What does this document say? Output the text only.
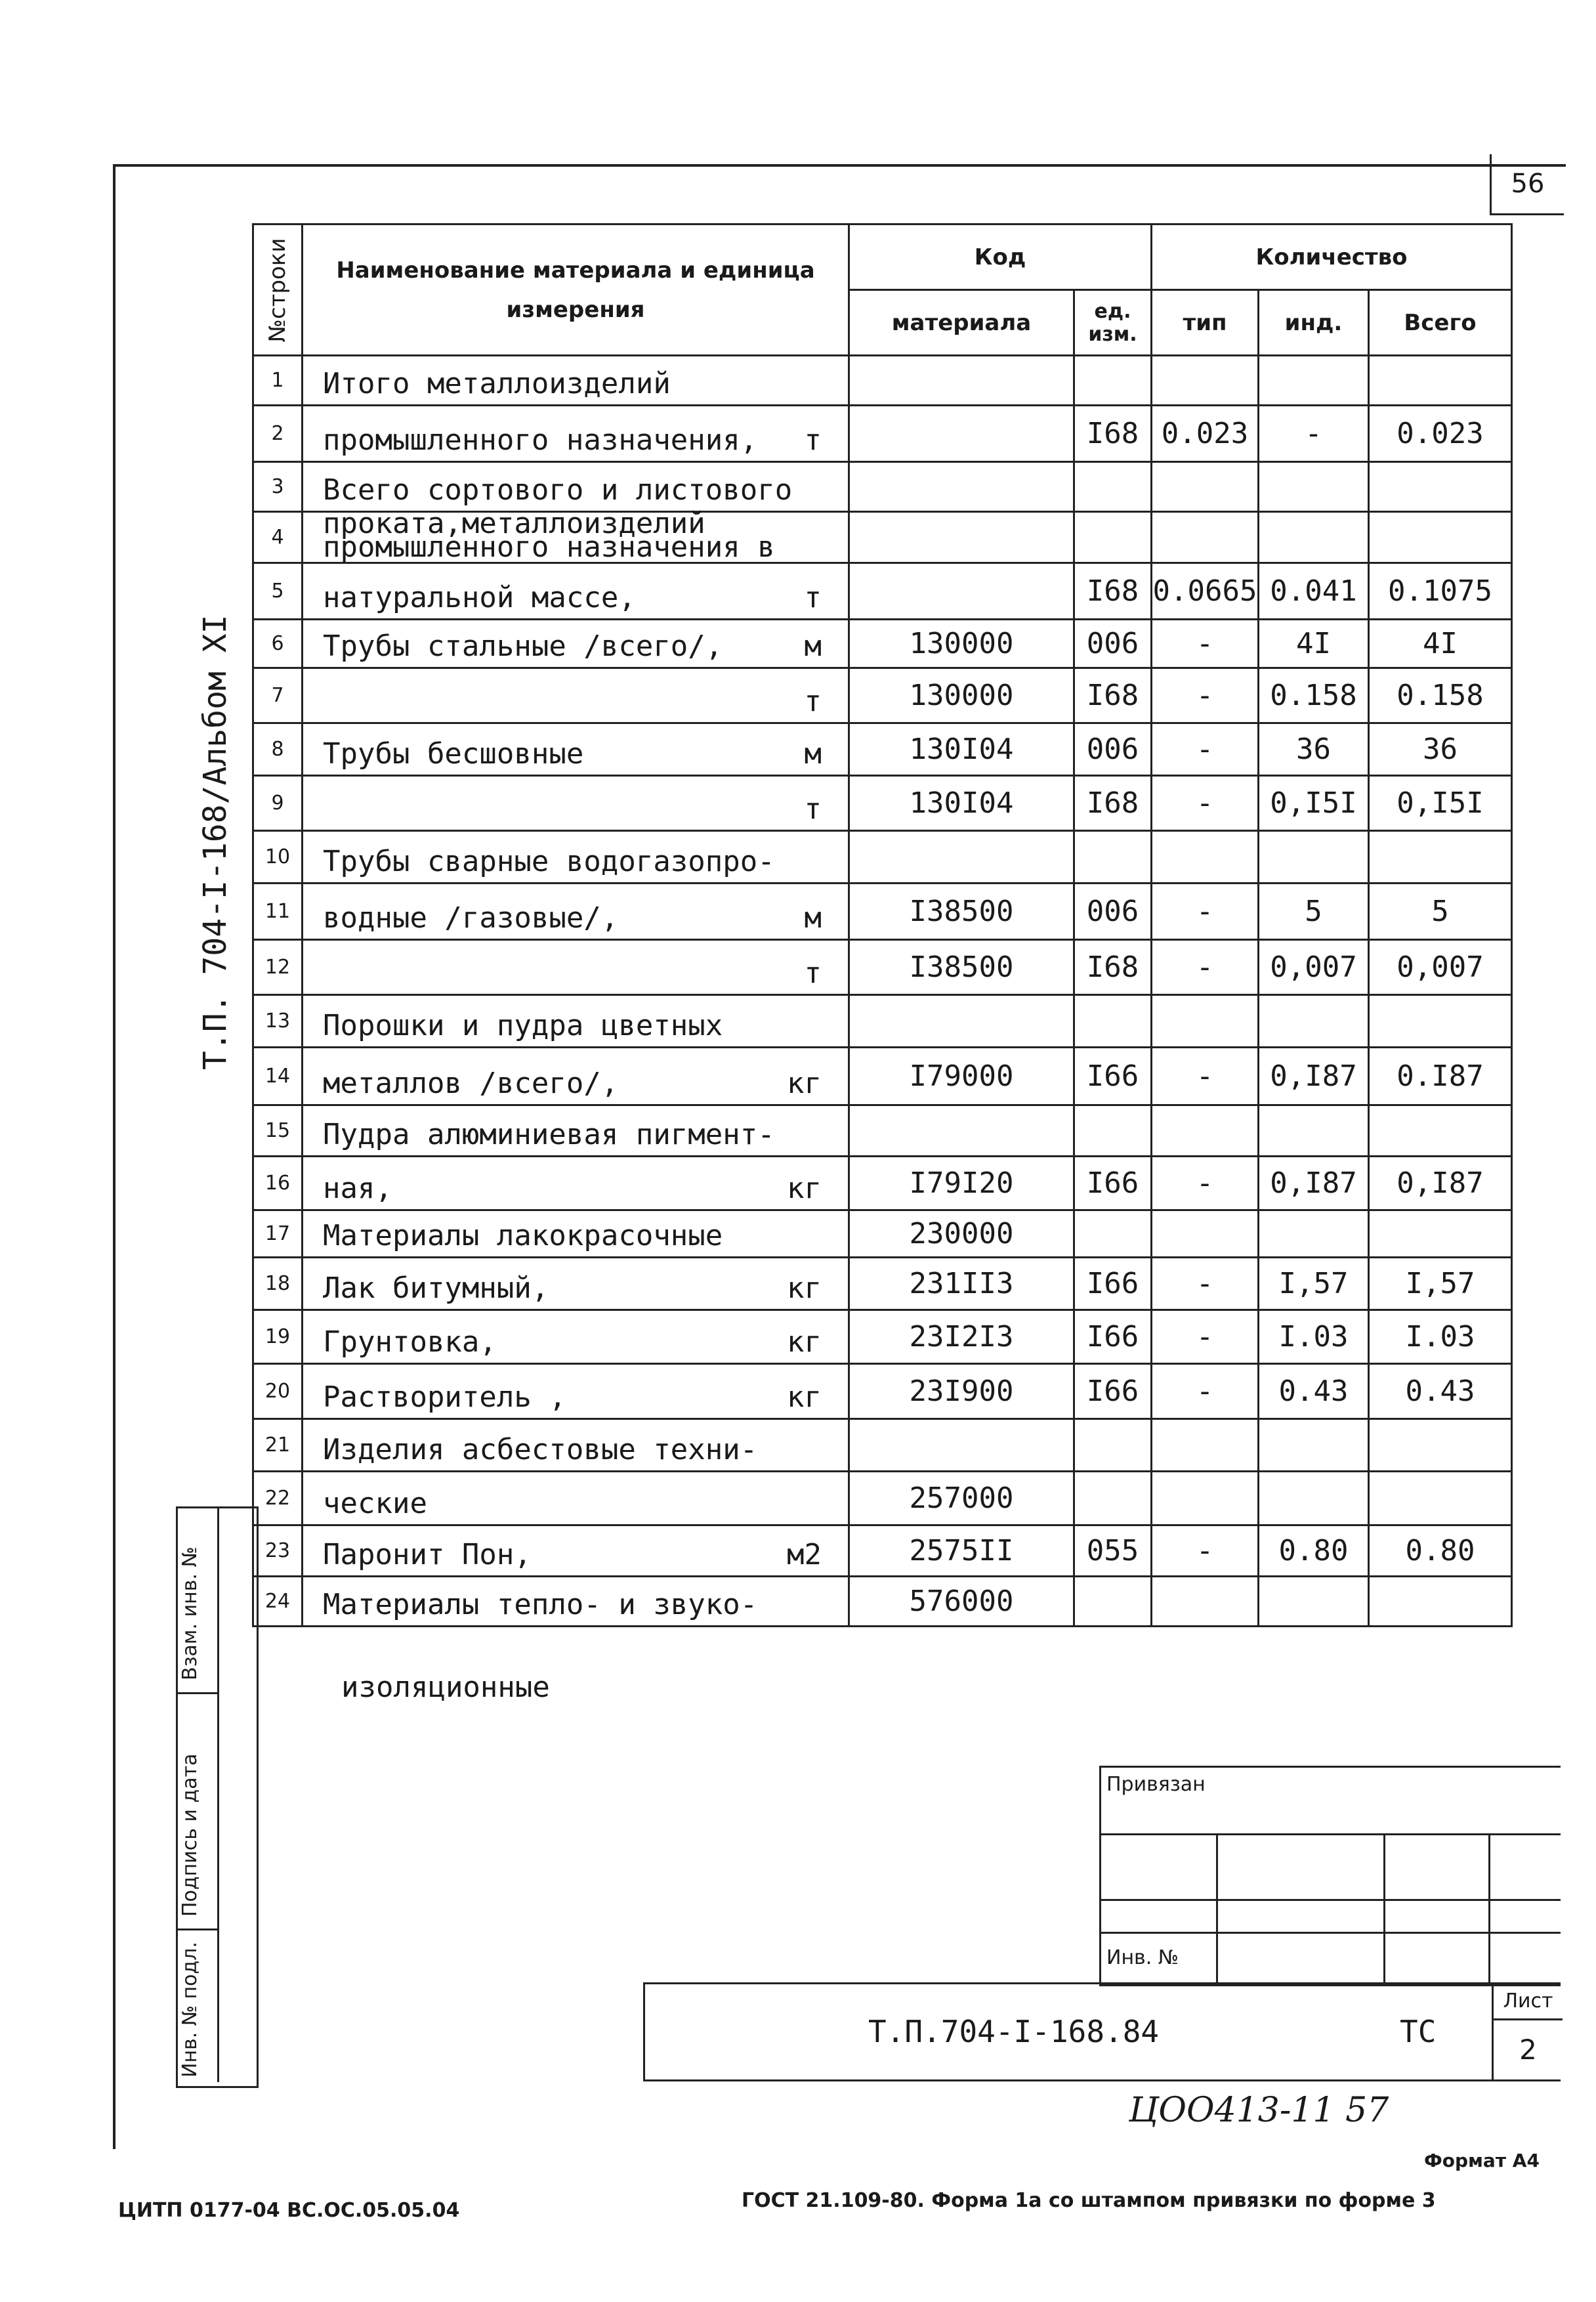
56
Т.П. 704-I-168/Альбом XI
№строки	Наименование материала и единица измерения	Код		Количество		
		материала	ед. изм.	тип	инд.	Всего
1	Итого металлоизделий					

2	промышленного назначения, т		I68	0.023	-	0.023
3	Всего сортового и листового					

4	проката,металлоизделий промышленного назначения в					

5	натуральной массе, т		I68	0.0665	0.041	0.1075
6	Трубы стальные /всего/, м	130000	006	-	4I	4I
7	т	130000	I68	-	0.158	0.158
8	Трубы бесшовные м	130I04	006	-	36	36
9	т	130I04	I68	-	0,I5I	0,I5I
10	Трубы сварные водогазопро-					

11	водные /газовые/, м	I38500	006	-	5	5
12	т	I38500	I68	-	0,007	0,007
13	Порошки и пудра цветных					

14	металлов /всего/, кг	I79000	I66	-	0,I87	0.I87
15	Пудра алюминиевая пигмент-					

16	ная, кг	I79I20	I66	-	0,I87	0,I87
17	Материалы лакокрасочные	230000				
18	Лак битумный, кг	231II3	I66	-	I,57	I,57
19	Грунтовка, кг	23I2I3	I66	-	I.03	I.03
20	Растворитель , кг	23I900	I66	-	0.43	0.43
21	Изделия асбестовые техни-					

22	ческие	257000				
23	Паронит Пон, м2	2575II	055	-	0.80	0.80
24	Материалы тепло- и звуко-	576000				
изоляционные
Взам. инв. №
Подпись и дата
Инв. № подл.
Привязан
Инв. №
Т.П.704-I-168.84	ТС
Лист
2
ЦОО413-11 57
Формат А4
ЦИТП 0177-04 ВС.ОС.05.05.04	ГОСТ 21.109-80. Форма 1а со штампом привязки по форме 3
